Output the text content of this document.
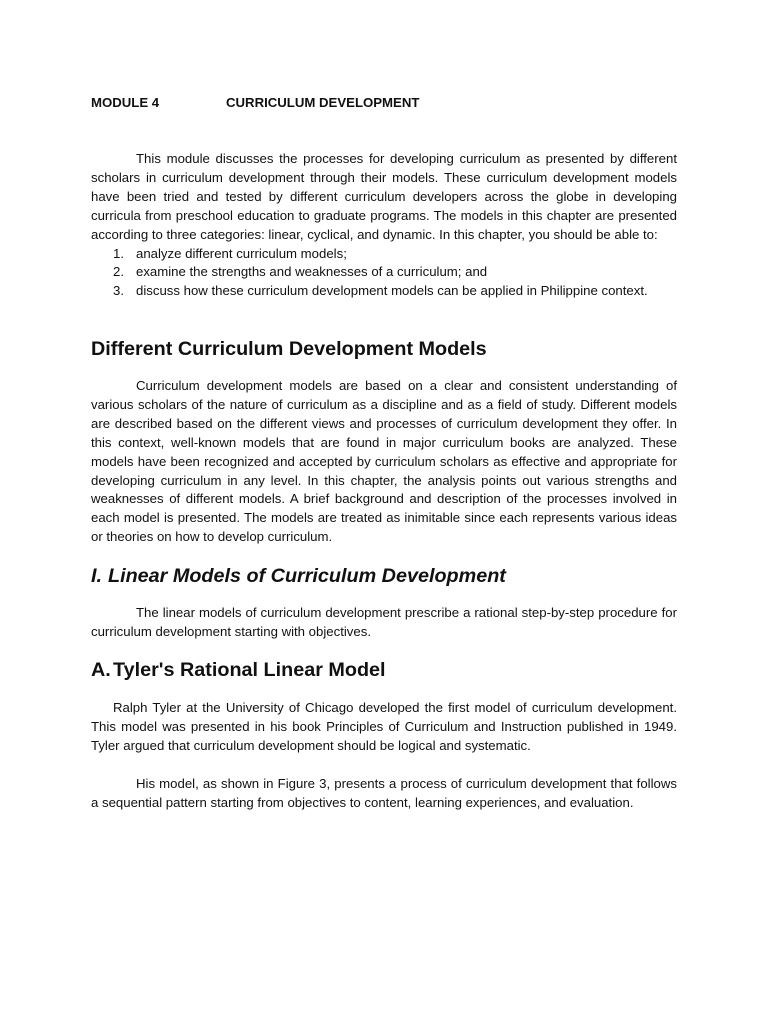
MODULE 4	CURRICULUM DEVELOPMENT

This module discusses the processes for developing curriculum as presented by different scholars in curriculum development through their models. These curriculum development models have been tried and tested by different curriculum developers across the globe in developing curricula from preschool education to graduate programs. The models in this chapter are presented according to three categories: linear, cyclical, and dynamic. In this chapter, you should be able to:

1. analyze different curriculum models;
2. examine the strengths and weaknesses of a curriculum; and
3. discuss how these curriculum development models can be applied in Philippine context.
Different Curriculum Development Models

Curriculum development models are based on a clear and consistent understanding of various scholars of the nature of curriculum as a discipline and as a field of study. Different models are described based on the different views and processes of curriculum development they offer. In this context, well-known models that are found in major curriculum books are analyzed. These models have been recognized and accepted by curriculum scholars as effective and appropriate for developing curriculum in any level. In this chapter, the analysis points out various strengths and weaknesses of different models. A brief background and description of the processes involved in each model is presented. The models are treated as inimitable since each represents various ideas or theories on how to develop curriculum.

I. Linear Models of Curriculum Development

The linear models of curriculum development prescribe a rational step-by-step procedure for curriculum development starting with objectives.

A. Tyler's Rational Linear Model

Ralph Tyler at the University of Chicago developed the first model of curriculum development. This model was presented in his book Principles of Curriculum and Instruction published in 1949. Tyler argued that curriculum development should be logical and systematic.

His model, as shown in Figure 3, presents a process of curriculum development that follows a sequential pattern starting from objectives to content, learning experiences, and evaluation.
